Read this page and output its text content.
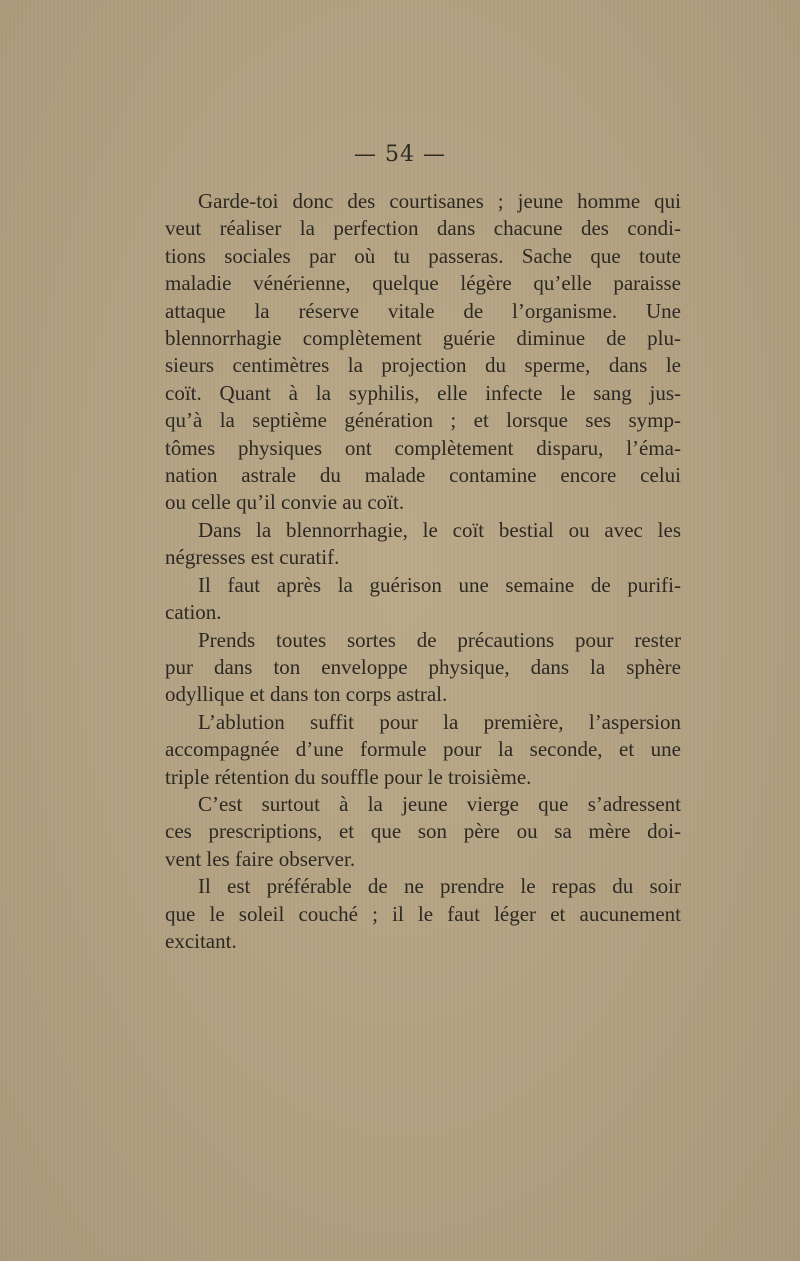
— 54 —

Garde-toi donc des courtisanes ; jeune homme qui
veut réaliser la perfection dans chacune des condi-
tions sociales par où tu passeras. Sache que toute
maladie vénérienne, quelque légère qu’elle paraisse
attaque la réserve vitale de l’organisme. Une
blennorrhagie complètement guérie diminue de plu-
sieurs centimètres la projection du sperme, dans le
coït. Quant à la syphilis, elle infecte le sang jus-
qu’à la septième génération ; et lorsque ses symp-
tômes physiques ont complètement disparu, l’éma-
nation astrale du malade contamine encore celui
ou celle qu’il convie au coït.

Dans la blennorrhagie, le coït bestial ou avec les
négresses est curatif.

Il faut après la guérison une semaine de purifi-
cation.

Prends toutes sortes de précautions pour rester
pur dans ton enveloppe physique, dans la sphère
odyllique et dans ton corps astral.

L’ablution suffit pour la première, l’aspersion
accompagnée d’une formule pour la seconde, et une
triple rétention du souffle pour le troisième.

C’est surtout à la jeune vierge que s’adressent
ces prescriptions, et que son père ou sa mère doi-
vent les faire observer.

Il est préférable de ne prendre le repas du soir
que le soleil couché ; il le faut léger et aucunement
excitant.
